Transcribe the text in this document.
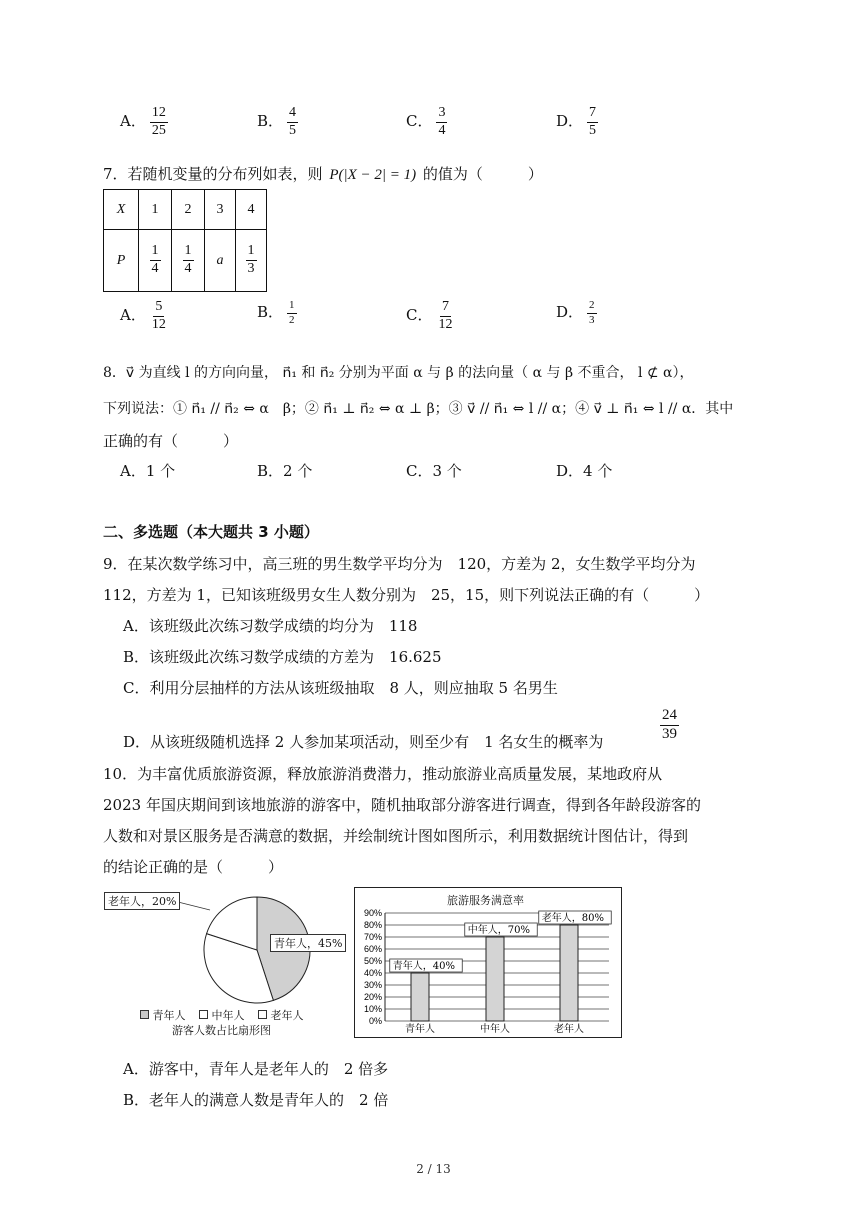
A． $\frac{12}{25}$	B． $\frac{4}{5}$	C． $\frac{3}{4}$	D． $\frac{7}{5}$
7．若随机变量的分布列如表，则 P(|X − 2| = 1) 的值为（　　　）
X	1	2	3	4
P	$\frac{1}{4}$	$\frac{1}{4}$	a	$\frac{1}{3}$
A． $\frac{5}{12}$	B． $\frac{1}{2}$	C． $\frac{7}{12}$	D． $\frac{2}{3}$
8．v⃗ 为直线 l 的方向向量， n⃗₁ 和 n⃗₂ 分别为平面 α 与 β 的法向量（ α 与 β 不重合， l ⊄ α），
下列说法：① n⃗₁ // n⃗₂ ⇔ α　β；② n⃗₁ ⊥ n⃗₂ ⇔ α ⊥ β；③ v⃗ // n⃗₁ ⇔ l // α；④ v⃗ ⊥ n⃗₁ ⇔ l // α．其中
正确的有（　　　）
A．1 个	B．2 个	C．3 个	D．4 个
二、多选题（本大题共 3 小题）
9．在某次数学练习中，高三班的男生数学平均分为　120，方差为 2，女生数学平均分为
112，方差为 1，已知该班级男女生人数分别为　25，15，则下列说法正确的有（　　　）
A．该班级此次练习数学成绩的均分为　118
B．该班级此次练习数学成绩的方差为　16.625
C．利用分层抽样的方法从该班级抽取　8 人，则应抽取 5 名男生
D．从该班级随机选择 2 人参加某项活动，则至少有　1 名女生的概率为	$\frac{24}{39}$
10．为丰富优质旅游资源，释放旅游消费潜力，推动旅游业高质量发展，某地政府从
2023 年国庆期间到该地旅游的游客中，随机抽取部分游客进行调查，得到各年龄段游客的
人数和对景区服务是否满意的数据，并绘制统计图如图所示，利用数据统计图估计，得到
的结论正确的是（　　　）
老年人，20%
青年人，45%
青年人 中年人 老年人
游客人数占比扇形图
0%
10%
20%
30%
40%
50%
60%
70%
80%
90%
青年人
青年人，40%
中年人
中年人，70%
老年人
老年人，80%
旅游服务满意率
A．游客中，青年人是老年人的　2 倍多
B．老年人的满意人数是青年人的　2 倍
2 / 13
